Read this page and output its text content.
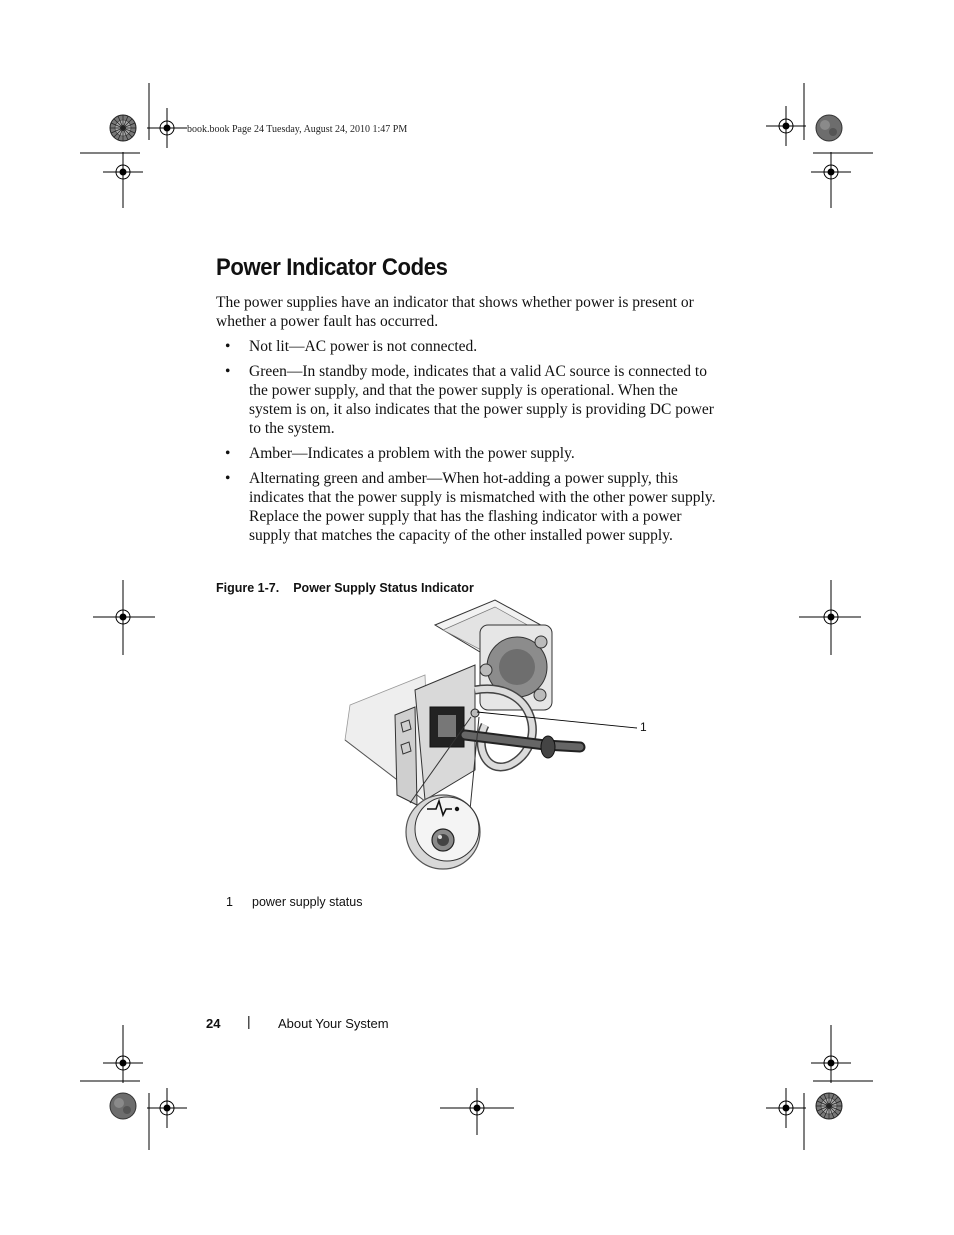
book.book Page 24 Tuesday, August 24, 2010 1:47 PM
Power Indicator Codes

The power supplies have an indicator that shows whether power is present or whether a power fault has occurred.

• Not lit—AC power is not connected.
• Green—In standby mode, indicates that a valid AC source is connected to the power supply, and that the power supply is operational. When the system is on, it also indicates that the power supply is providing DC power to the system.
• Amber—Indicates a problem with the power supply.
• Alternating green and amber—When hot-adding a power supply, this indicates that the power supply is mismatched with the other power supply. Replace the power supply that has the flashing indicator with a power supply that matches the capacity of the other installed power supply.
Figure 1-7. Power Supply Status Indicator
1
1 power supply status
24 | About Your System
